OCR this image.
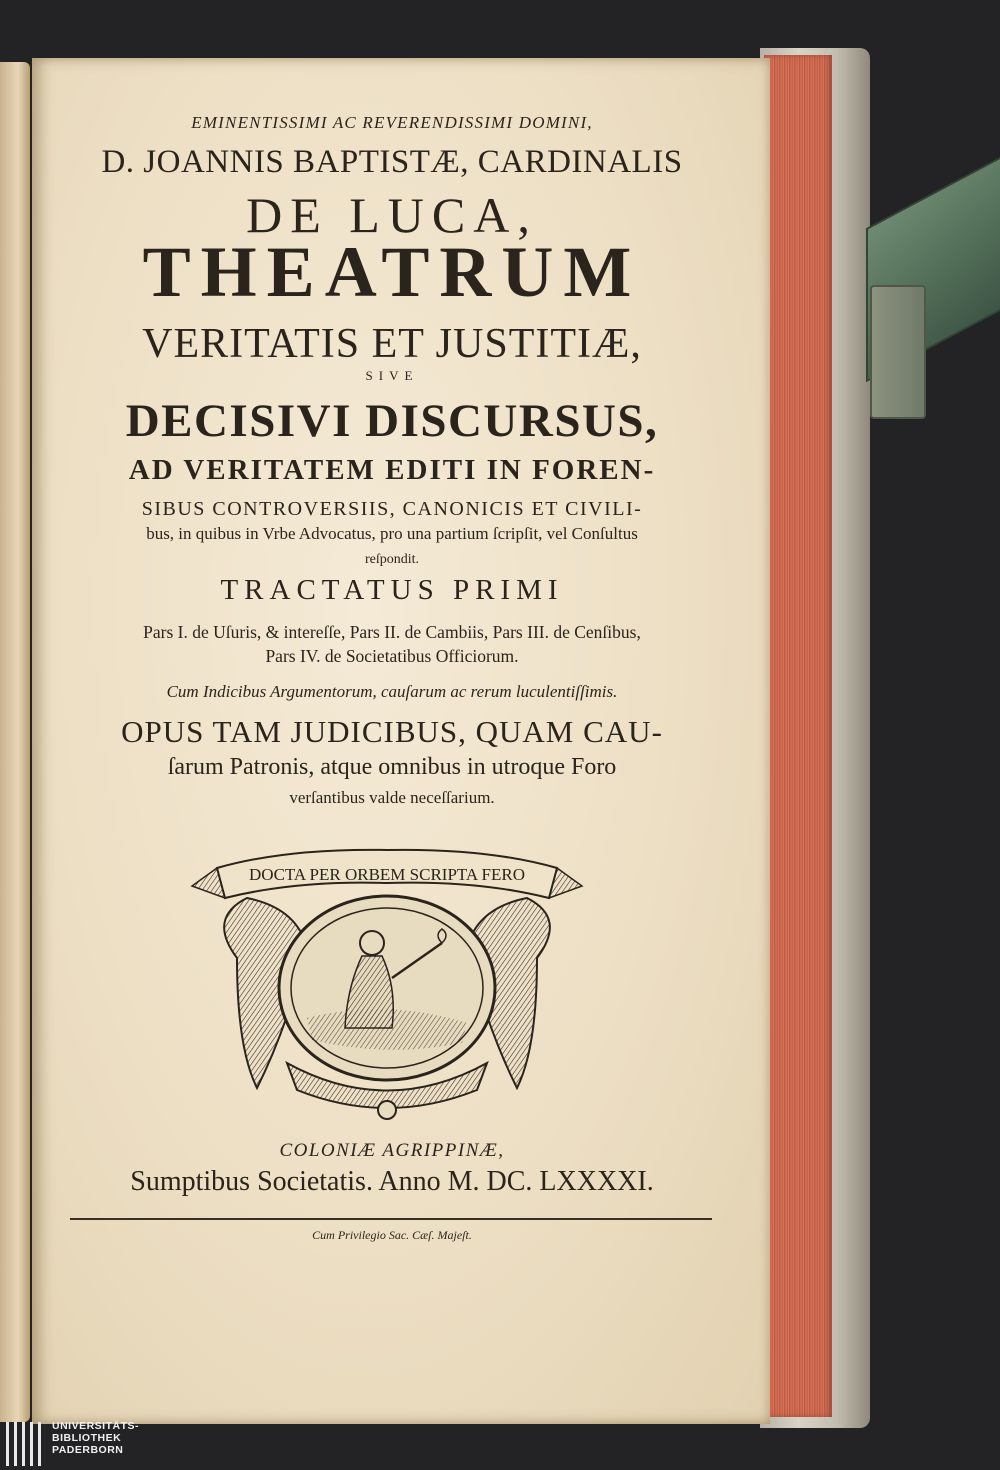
EMINENTISSIMI AC REVERENDISSIMI DOMINI,
D. JOANNIS BAPTISTÆ, CARDINALIS
DE LUCA,
THEATRUM
VERITATIS ET JUSTITIÆ,
SIVE
DECISIVI DISCURSUS,
AD VERITATEM EDITI IN FOREN-
SIBUS CONTROVERSIIS, CANONICIS ET CIVILI-
bus, in quibus in Vrbe Advocatus, pro una partium ſcripſit, vel Conſultus
reſpondit.
TRACTATUS PRIMI
Pars I. de Uſuris, & intereſſe, Pars II. de Cambiis, Pars III. de Cenſibus,
Pars IV. de Societatibus Officiorum.
Cum Indicibus Argumentorum, cauſarum ac rerum luculentiſſimis.
OPUS TAM JUDICIBUS, QUAM CAU-
ſarum Patronis, atque omnibus in utroque Foro
verſantibus valde neceſſarium.
DOCTA PER ORBEM SCRIPTA FERO
COLONIÆ AGRIPPINÆ,
Sumptibus Societatis. Anno M. DC. LXXXXI.
Cum Privilegio Sac. Cæſ. Majeſt.
UNIVERSITÄTS-
BIBLIOTHEK
PADERBORN
